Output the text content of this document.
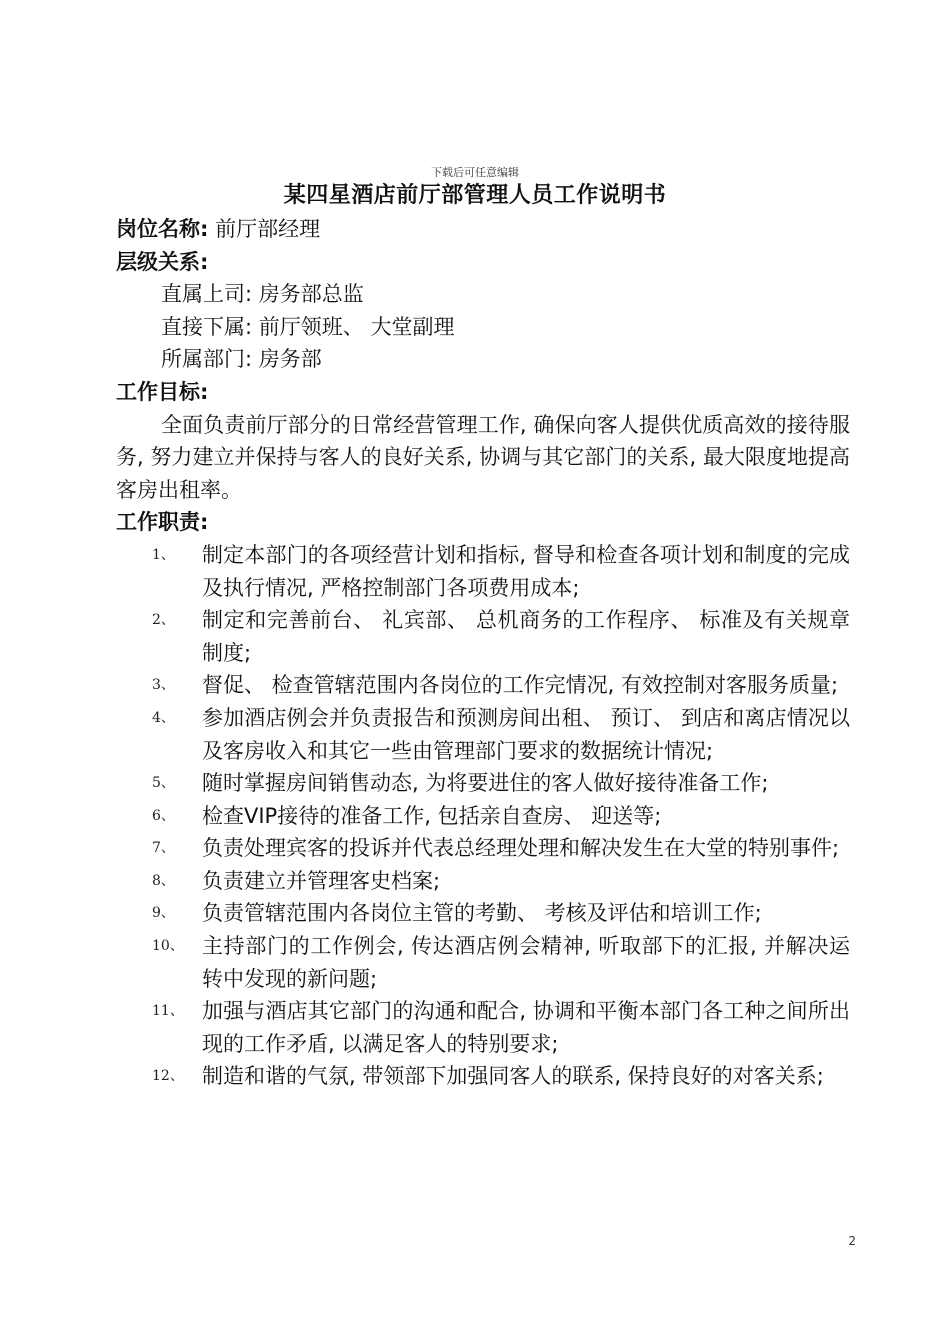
下载后可任意编辑
某四星酒店前厅部管理人员工作说明书
岗位名称: 前厅部经理
层级关系:
直属上司: 房务部总监
直接下属: 前厅领班、 大堂副理
所属部门: 房务部
工作目标:

全面负责前厅部分的日常经营管理工作, 确保向客人提供优质高效的接待服务, 努力建立并保持与客人的良好关系, 协调与其它部门的关系, 最大限度地提高客房出租率。

工作职责:
1、 制定本部门的各项经营计划和指标, 督导和检查各项计划和制度的完成及执行情况, 严格控制部门各项费用成本;
2、 制定和完善前台、 礼宾部、 总机商务的工作程序、 标准及有关规章制度;
3、 督促、 检查管辖范围内各岗位的工作完情况, 有效控制对客服务质量;
4、 参加酒店例会并负责报告和预测房间出租、 预订、 到店和离店情况以及客房收入和其它一些由管理部门要求的数据统计情况;
5、 随时掌握房间销售动态, 为将要进住的客人做好接待准备工作;
6、 检查VIP接待的准备工作, 包括亲自查房、 迎送等;
7、 负责处理宾客的投诉并代表总经理处理和解决发生在大堂的特别事件;
8、 负责建立并管理客史档案;
9、 负责管辖范围内各岗位主管的考勤、 考核及评估和培训工作;
10、 主持部门的工作例会, 传达酒店例会精神, 听取部下的汇报, 并解决运转中发现的新问题;
11、 加强与酒店其它部门的沟通和配合, 协调和平衡本部门各工种之间所出现的工作矛盾, 以满足客人的特别要求;
12、 制造和谐的气氛, 带领部下加强同客人的联系, 保持良好的对客关系;
2
